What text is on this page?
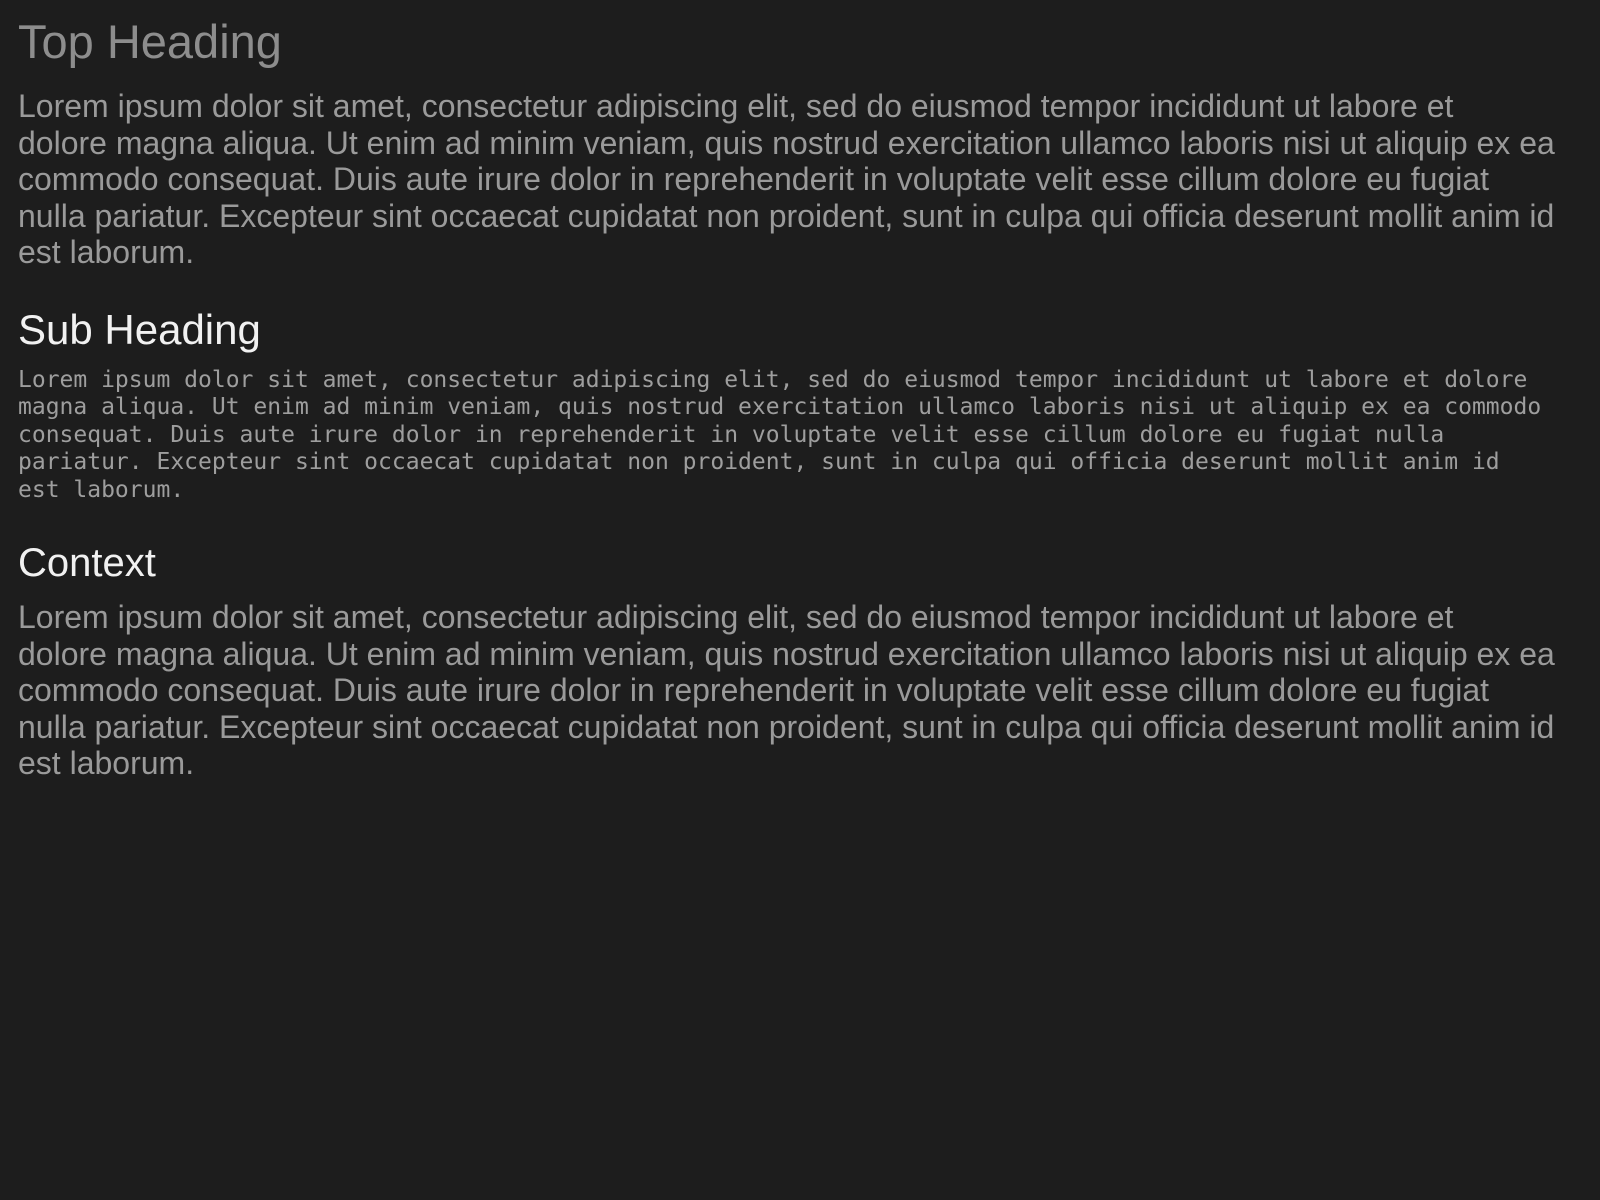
Top Heading
Lorem ipsum dolor sit amet, consectetur adipiscing elit, sed do eiusmod tempor incididunt ut labore et
dolore magna aliqua. Ut enim ad minim veniam, quis nostrud exercitation ullamco laboris nisi ut aliquip ex ea
commodo consequat. Duis aute irure dolor in reprehenderit in voluptate velit esse cillum dolore eu fugiat
nulla pariatur. Excepteur sint occaecat cupidatat non proident, sunt in culpa qui officia deserunt mollit anim id
est laborum.
Sub Heading
Lorem ipsum dolor sit amet, consectetur adipiscing elit, sed do eiusmod tempor incididunt ut labore et dolore
magna aliqua. Ut enim ad minim veniam, quis nostrud exercitation ullamco laboris nisi ut aliquip ex ea commodo
consequat. Duis aute irure dolor in reprehenderit in voluptate velit esse cillum dolore eu fugiat nulla
pariatur. Excepteur sint occaecat cupidatat non proident, sunt in culpa qui officia deserunt mollit anim id
est laborum.
Context
Lorem ipsum dolor sit amet, consectetur adipiscing elit, sed do eiusmod tempor incididunt ut labore et
dolore magna aliqua. Ut enim ad minim veniam, quis nostrud exercitation ullamco laboris nisi ut aliquip ex ea
commodo consequat. Duis aute irure dolor in reprehenderit in voluptate velit esse cillum dolore eu fugiat
nulla pariatur. Excepteur sint occaecat cupidatat non proident, sunt in culpa qui officia deserunt mollit anim id
est laborum.
